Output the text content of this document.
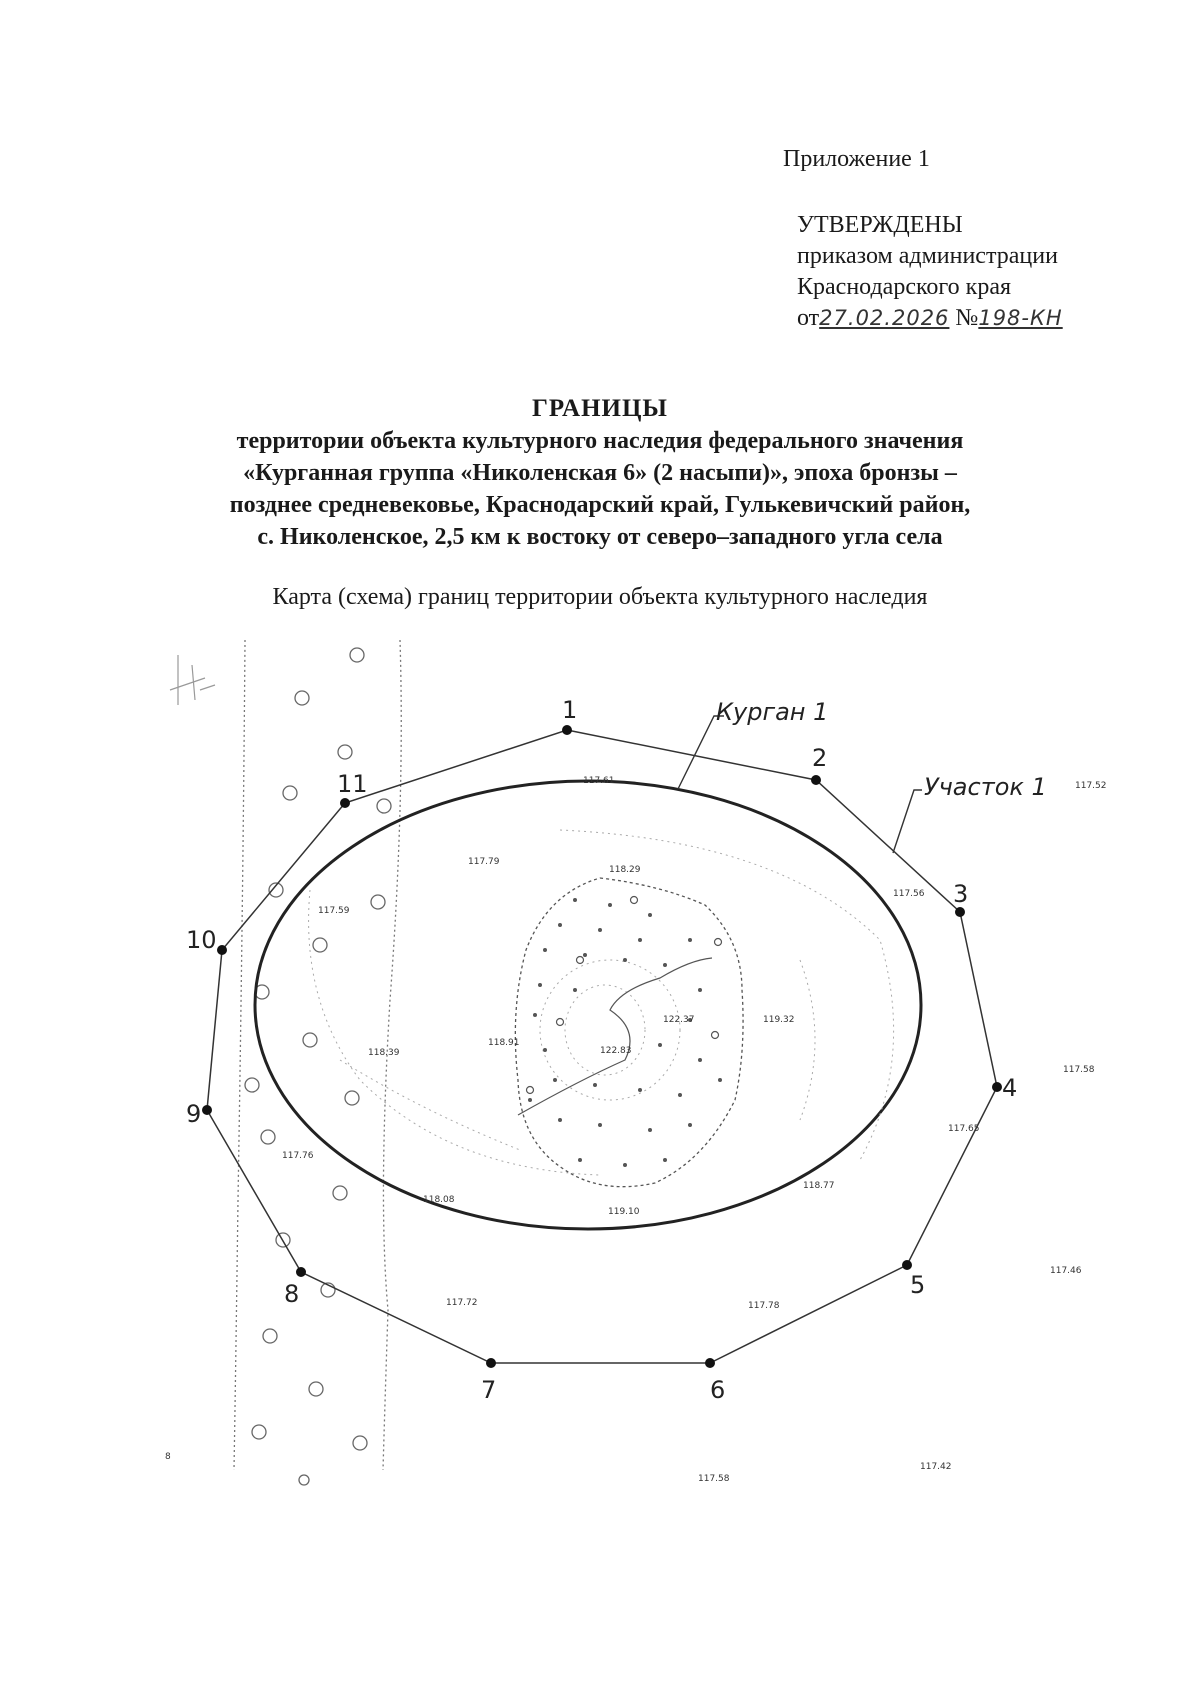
Приложение 1
УТВЕРЖДЕНЫ
приказом администрации
Краснодарского края
от27.02.2026 №198-КН
ГРАНИЦЫ
территории объекта культурного наследия федерального значения
«Курганная группа «Николенская 6» (2 насыпи)», эпоха бронзы –
позднее средневековье, Краснодарский край, Гулькевичский район,
с. Николенское, 2,5 км к востоку от северо–западного угла села
Карта (схема) границ территории объекта культурного наследия
1
2
3
4
5
6
7
8
9
10
11
Курган 1
Участок 1
8
117.61	117.52
117.79
118.29
117.56
117.59
122.37	119.32
118.91
118.39	122.83
117.58
117.65
117.76
118.77
118.08
119.10
117.46
117.72	117.78
117.42
117.58
